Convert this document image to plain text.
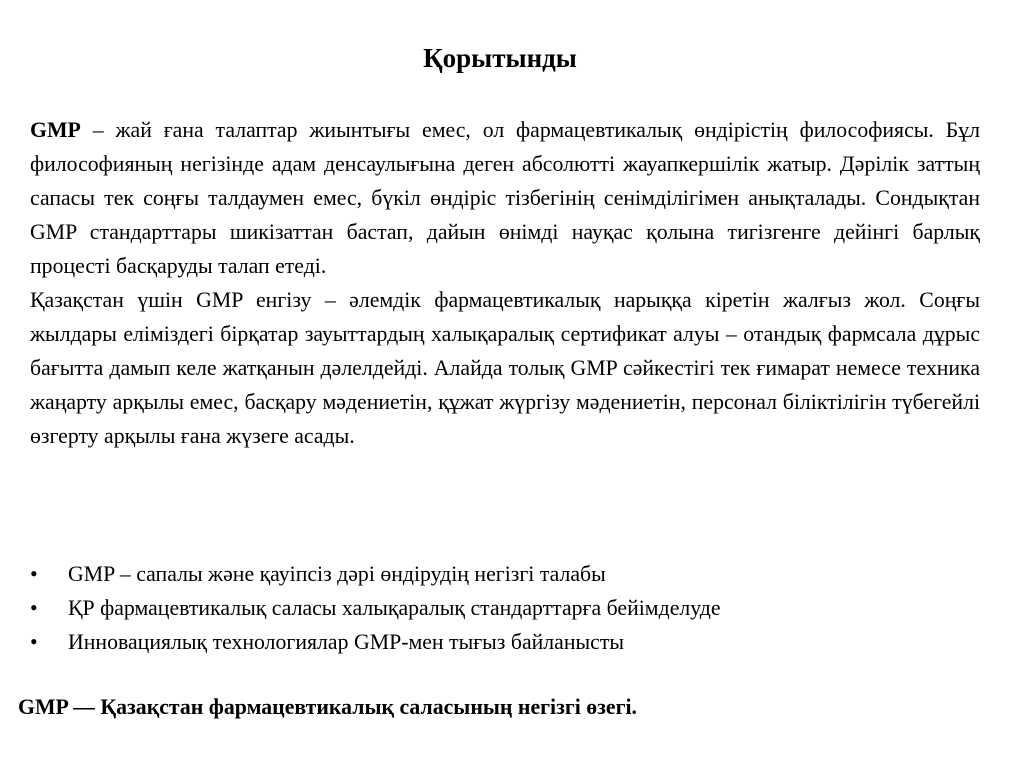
Қорытынды

GMP – жай ғана талаптар жиынтығы емес, ол фармацевтикалық өндірістің философиясы. Бұл философияның негізінде адам денсаулығына деген абсолютті жауапкершілік жатыр. Дәрілік заттың сапасы тек соңғы талдаумен емес, бүкіл өндіріс тізбегінің сенімділігімен анықталады. Сондықтан GMP стандарттары шикізаттан бастап, дайын өнімді науқас қолына тигізгенге дейінгі барлық процесті басқаруды талап етеді.

Қазақстан үшін GMP енгізу – әлемдік фармацевтикалық нарыққа кіретін жалғыз жол. Соңғы жылдары еліміздегі бірқатар зауыттардың халықаралық сертификат алуы – отандық фармсала дұрыс бағытта дамып келе жатқанын дәлелдейді. Алайда толық GMP сәйкестігі тек ғимарат немесе техника жаңарту арқылы емес, басқару мәдениетін, құжат жүргізу мәдениетін, персонал біліктілігін түбегейлі өзгерту арқылы ғана жүзеге асады.

•	GMP – сапалы және қауіпсіз дәрі өндірудің негізгі талабы
•	ҚР фармацевтикалық саласы халықаралық стандарттарға бейімделуде
•	Инновациялық технологиялар GMP-мен тығыз байланысты

GMP — Қазақстан фармацевтикалық саласының негізгі өзегі.
